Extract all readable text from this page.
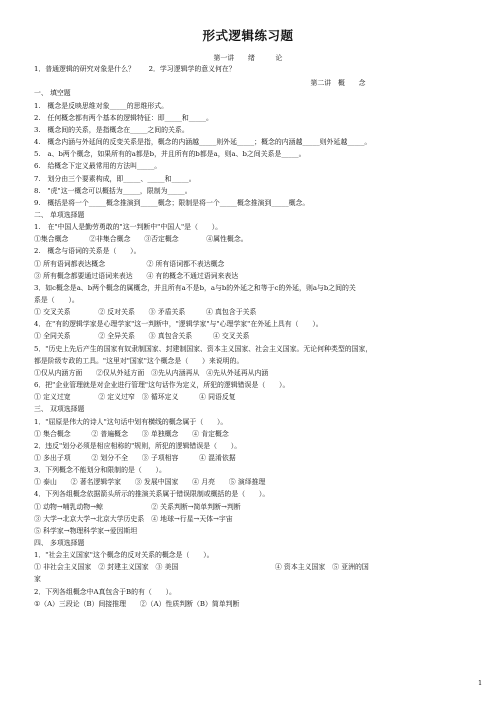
形式逻辑练习题
第一讲　　绪　　　论
1．普通逻辑的研究对象是什么？　　2．学习逻辑学的意义何在？
第二讲　概　　念
一、 填空题
1.　概念是反映思维对象_____的思维形式。
2.　任何概念都有两个基本的逻辑特征：即_____和_____。
3.　概念间的关系，是指概念在_____之间的关系。
4.　概念内涵与外延间的反变关系是指，概念的内涵越_____则外延_____；概念的内涵越_____则外延越_____。
5.　a、b两个概念，如果所有的a都是b，并且所有的b都是a，则a、b之间关系是_____。
6.　给概念下定义最常用的方法叫_____。
7.　划分由三个要素构成，即_____、_____和_____。
8.　"虎"这一概念可以概括为_____，限制为_____。
9.　概括是将一个_____概念推演到_____概念；限制是将一个_____概念推演到_____概念。
二、 单项选择题
1.　在"中国人是勤劳勇敢的"这一判断中"中国人"是（　　）。
①集合概念　　　②非集合概念　　③否定概念　　　　④属性概念。
2.　概念与语词的关系是（　　）。
① 所有语词都表达概念　　　　　　② 所有语词都不表达概念
③ 所有概念都要通过语词来表达　　④ 有的概念不通过语词来表达
3．如c概念是a、b两个概念的属概念，并且所有a不是b，a与b的外延之和等于c的外延，则a与b之间的关
系是（　　）。
① 交叉关系　　　　② 反对关系　　③ 矛盾关系　　　④ 真包含于关系
4．在"有的逻辑学家是心理学家"这一判断中，"逻辑学家"与"心理学家"在外延上具有（　　）。
① 全同关系　　　　② 全异关系　　③ 真包含关系　　　④ 交叉关系
5．"历史上先后产生的国家有奴隶制国家、封建制国家、资本主义国家、社会主义国家。无论何种类型的国家，
都是阶级专政的工具。"这里对"国家"这个概念是（　　）来说明的。
①仅从内涵方面　　②仅从外延方面　③先从内涵再从　④先从外延再从内涵
6．把"企业管理就是对企业进行管理"这句话作为定义，所犯的逻辑错误是（　　）。
① 定义过宽　　　　② 定义过窄　③ 循环定义　　　④ 同语反复
三、 双项选择题
1．"屈原是伟大的诗人"这句话中划有横线的概念属于（　　）。
① 集合概念　　　② 普遍概念　　③ 单独概念　　④ 肯定概念
2．违反"划分必须是相应相称的"规则，所犯的逻辑错误是（　　）。
① 多出子项　　　② 划分不全　　③ 子项相容　　　④ 混淆依据
3．下列概念不能划分和限制的是（　　）。
① 泰山　　② 著名逻辑学家　　③ 发展中国家　　④ 月亮　　⑤ 演绎推理
4．下列各组概念依据箭头所示的推演关系属于错误限制或概括的是（　　）。
① 动物→哺乳动物→鲸　　　　　　　② 关系判断→简单判断→判断
③ 大学→北京大学→北京大学历史系　④ 地球→行星→天体→宇宙
⑤ 科学家→物理科学家→爱因斯坦
四、 多项选择题
1．"社会主义国家"这个概念的反对关系的概念是（　　）。
① 非社会主义国家　② 封建主义国家　③ 美国　　　　　　　　　　　　　　④ 资本主义国家　⑤ 亚洲的国
家
2．下列各组概念中A真包含于B的有（　　）。
①（A）三段论（B）间接推理　　②（A）性质判断（B）简单判断
1
